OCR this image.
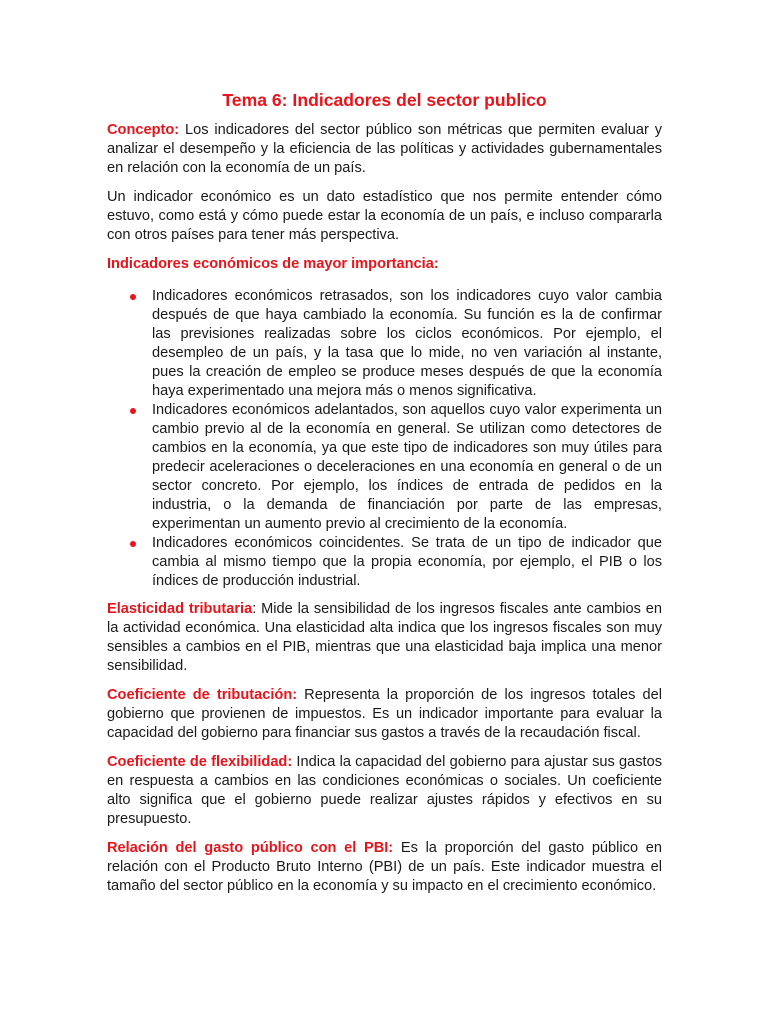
Tema 6: Indicadores del sector publico

Concepto: Los indicadores del sector público son métricas que permiten evaluar y analizar el desempeño y la eficiencia de las políticas y actividades gubernamentales en relación con la economía de un país.

Un indicador económico es un dato estadístico que nos permite entender cómo estuvo, como está y cómo puede estar la economía de un país, e incluso compararla con otros países para tener más perspectiva.

Indicadores económicos de mayor importancia:

Indicadores económicos retrasados, son los indicadores cuyo valor cambia después de que haya cambiado la economía. Su función es la de confirmar las previsiones realizadas sobre los ciclos económicos. Por ejemplo, el desempleo de un país, y la tasa que lo mide, no ven variación al instante, pues la creación de empleo se produce meses después de que la economía haya experimentado una mejora más o menos significativa.
Indicadores económicos adelantados, son aquellos cuyo valor experimenta un cambio previo al de la economía en general. Se utilizan como detectores de cambios en la economía, ya que este tipo de indicadores son muy útiles para predecir aceleraciones o deceleraciones en una economía en general o de un sector concreto. Por ejemplo, los índices de entrada de pedidos en la industria, o la demanda de financiación por parte de las empresas, experimentan un aumento previo al crecimiento de la economía.
Indicadores económicos coincidentes. Se trata de un tipo de indicador que cambia al mismo tiempo que la propia economía, por ejemplo, el PIB o los índices de producción industrial.

Elasticidad tributaria: Mide la sensibilidad de los ingresos fiscales ante cambios en la actividad económica. Una elasticidad alta indica que los ingresos fiscales son muy sensibles a cambios en el PIB, mientras que una elasticidad baja implica una menor sensibilidad.

Coeficiente de tributación: Representa la proporción de los ingresos totales del gobierno que provienen de impuestos. Es un indicador importante para evaluar la capacidad del gobierno para financiar sus gastos a través de la recaudación fiscal.

Coeficiente de flexibilidad: Indica la capacidad del gobierno para ajustar sus gastos en respuesta a cambios en las condiciones económicas o sociales. Un coeficiente alto significa que el gobierno puede realizar ajustes rápidos y efectivos en su presupuesto.

Relación del gasto público con el PBI: Es la proporción del gasto público en relación con el Producto Bruto Interno (PBI) de un país. Este indicador muestra el tamaño del sector público en la economía y su impacto en el crecimiento económico.
